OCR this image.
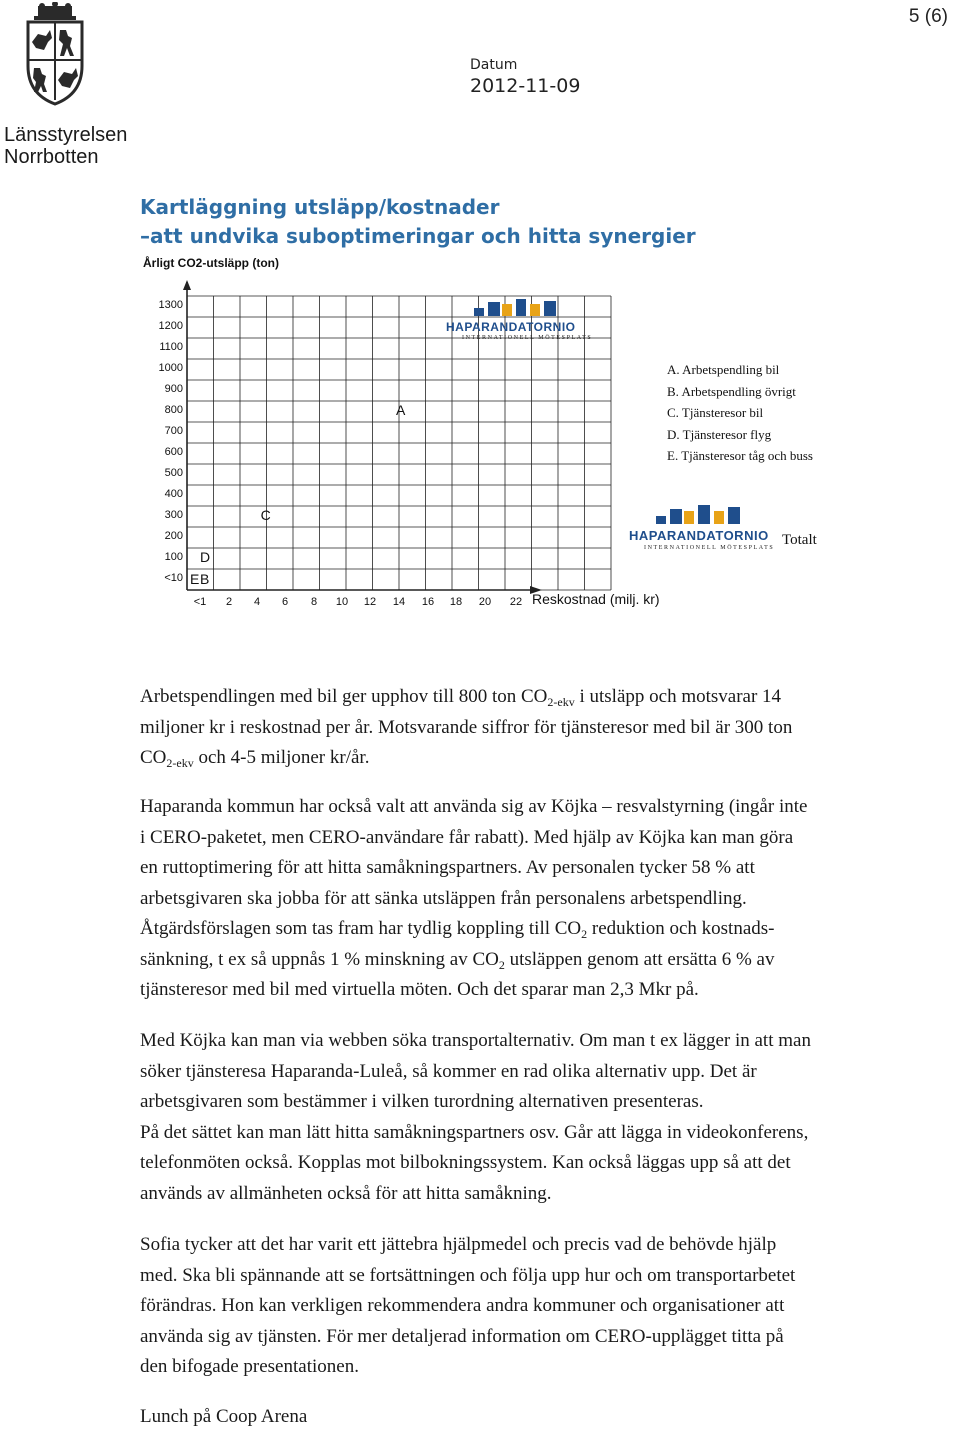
5 (6)
Datum
2012-11-09
Länsstyrelsen
Norrbotten
Kartläggning utsläpp/kostnader
–att undvika suboptimeringar och hitta synergier
Årligt CO2-utsläpp (ton)
1300
1200
1100
1000
900
800
700
600
500
400
300
200
100
<10
<1	2	4	6	8	10	12	14	16	18	20	22
A
C
D
E B
Reskostnad (milj. kr)
A. Arbetspendling bil
B. Arbetspendling övrigt
C. Tjänsteresor bil
D. Tjänsteresor flyg
E. Tjänsteresor tåg och buss
Totalt
HAPARANDATORNIO
INTERNATIONELL MÖTESPLATS
HAPARANDATORNIO
INTERNATIONELL MÖTESPLATS
Arbetspendlingen med bil ger upphov till 800 ton $CO_{2-ekv}$ i utsläpp och motsvarar 14
miljoner kr i reskostnad per år. Motsvarande siffror för tjänsteresor med bil är 300 ton
$CO_{2-ekv}$ och 4-5 miljoner kr/år.
Haparanda kommun har också valt att använda sig av Köjka – resvalstyrning (ingår inte
i CERO-paketet, men CERO-användare får rabatt). Med hjälp av Köjka kan man göra
en ruttoptimering för att hitta samåkningspartners. Av personalen tycker 58 % att
arbetsgivaren ska jobba för att sänka utsläppen från personalens arbetspendling.
Åtgärdsförslagen som tas fram har tydlig koppling till $CO_2$ reduktion och kostnads-
sänkning, t ex så uppnås 1 % minskning av $CO_2$ utsläppen genom att ersätta 6 % av
tjänsteresor med bil med virtuella möten. Och det sparar man 2,3 Mkr på.
Med Köjka kan man via webben söka transportalternativ. Om man t ex lägger in att man
söker tjänsteresa Haparanda-Luleå, så kommer en rad olika alternativ upp. Det är
arbetsgivaren som bestämmer i vilken turordning alternativen presenteras.
På det sättet kan man lätt hitta samåkningspartners osv. Går att lägga in videokonferens,
telefonmöten också. Kopplas mot bilbokningssystem. Kan också läggas upp så att det
används av allmänheten också för att hitta samåkning.
Sofia tycker att det har varit ett jättebra hjälpmedel och precis vad de behövde hjälp
med. Ska bli spännande att se fortsättningen och följa upp hur och om transportarbetet
förändras. Hon kan verkligen rekommendera andra kommuner och organisationer att
använda sig av tjänsten. För mer detaljerad information om CERO-upplägget titta på
den bifogade presentationen.
Lunch på Coop Arena
